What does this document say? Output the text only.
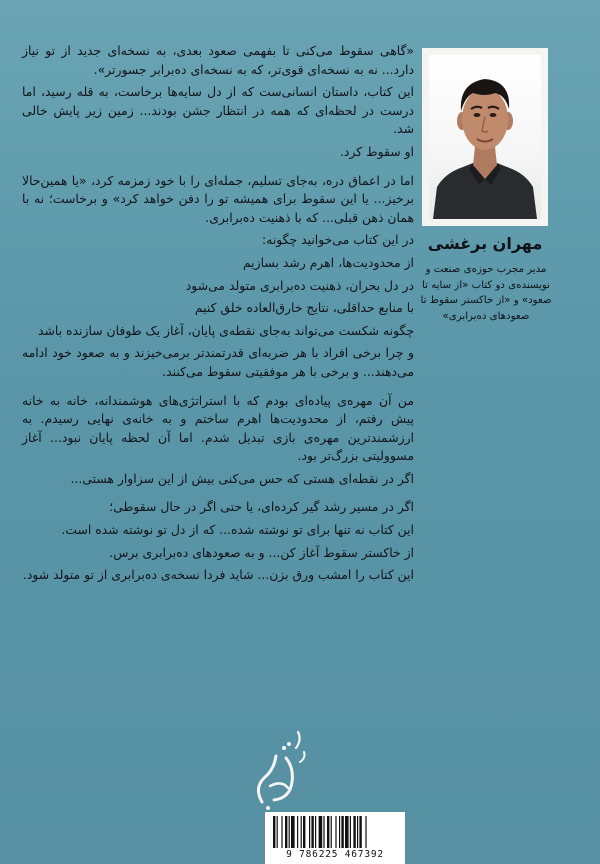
«گاهی سقوط می‌کنی تا بفهمی صعود بعدی، به نسخه‌ای جدید از تو نیاز دارد... نه به نسخه‌ای قوی‌تر، که به نسخه‌ای ده‌برابر جسورتر».

این کتاب، داستان انسانی‌ست که از دل سایه‌ها برخاست، به قله رسید، اما درست در لحظه‌ای که همه در انتظار جشن بودند... زمین زیر پایش خالی شد.

او سقوط کرد.

اما در اعماق دره، به‌جای تسلیم، جمله‌ای را با خود زمزمه کرد، «یا همین‌حالا برخیز... یا این سقوط برای همیشه تو را دفن خواهد کرد» و برخاست؛ نه با همان ذهن قبلی... که با ذهنیت ده‌برابری.

در این کتاب می‌خوانید چگونه:

از محدودیت‌ها، اهرم رشد بسازیم

در دل بحران، ذهنیت ده‌برابری متولد می‌شود

با منابع حداقلی، نتایج خارق‌العاده خلق کنیم

چگونه شکست می‌تواند به‌جای نقطه‌ی پایان، آغاز یک طوفان سازنده باشد

و چرا برخی افراد با هر ضربه‌ای قدرتمندتر برمی‌خیزند و به صعود خود ادامه می‌دهند... و برخی با هر موفقیتی سقوط می‌کنند.

من آن مهره‌ی پیاده‌ای بودم که با استراتژی‌های هوشمندانه، خانه به خانه پیش رفتم، از محدودیت‌ها اهرم ساختم و به خانه‌ی نهایی رسیدم. به ارزشمندترین مهره‌ی بازی تبدیل شدم. اما آن لحظه پایان نبود... آغاز مسوولیتی بزرگ‌تر بود.

اگر در نقطه‌ای هستی که حس می‌کنی بیش از این سزاوار هستی...

اگر در مسیر رشد گیر کرده‌ای، یا حتی اگر در حال سقوطی؛

این کتاب نه تنها برای تو نوشته شده... که از دل تو نوشته شده است.

از خاکستر سقوط آغاز کن... و به صعودهای ده‌برابری برس.

این کتاب را امشب ورق بزن... شاید فردا نسخه‌ی ده‌برابری از تو متولد شود.

مهران برغشی
مدیر مجرب حوزه‌ی صنعت و نویسنده‌ی دو کتاب «از سایه تا صعود» و «از خاکستر سقوط تا صعودهای دەبرابری»
9 786225 467392
